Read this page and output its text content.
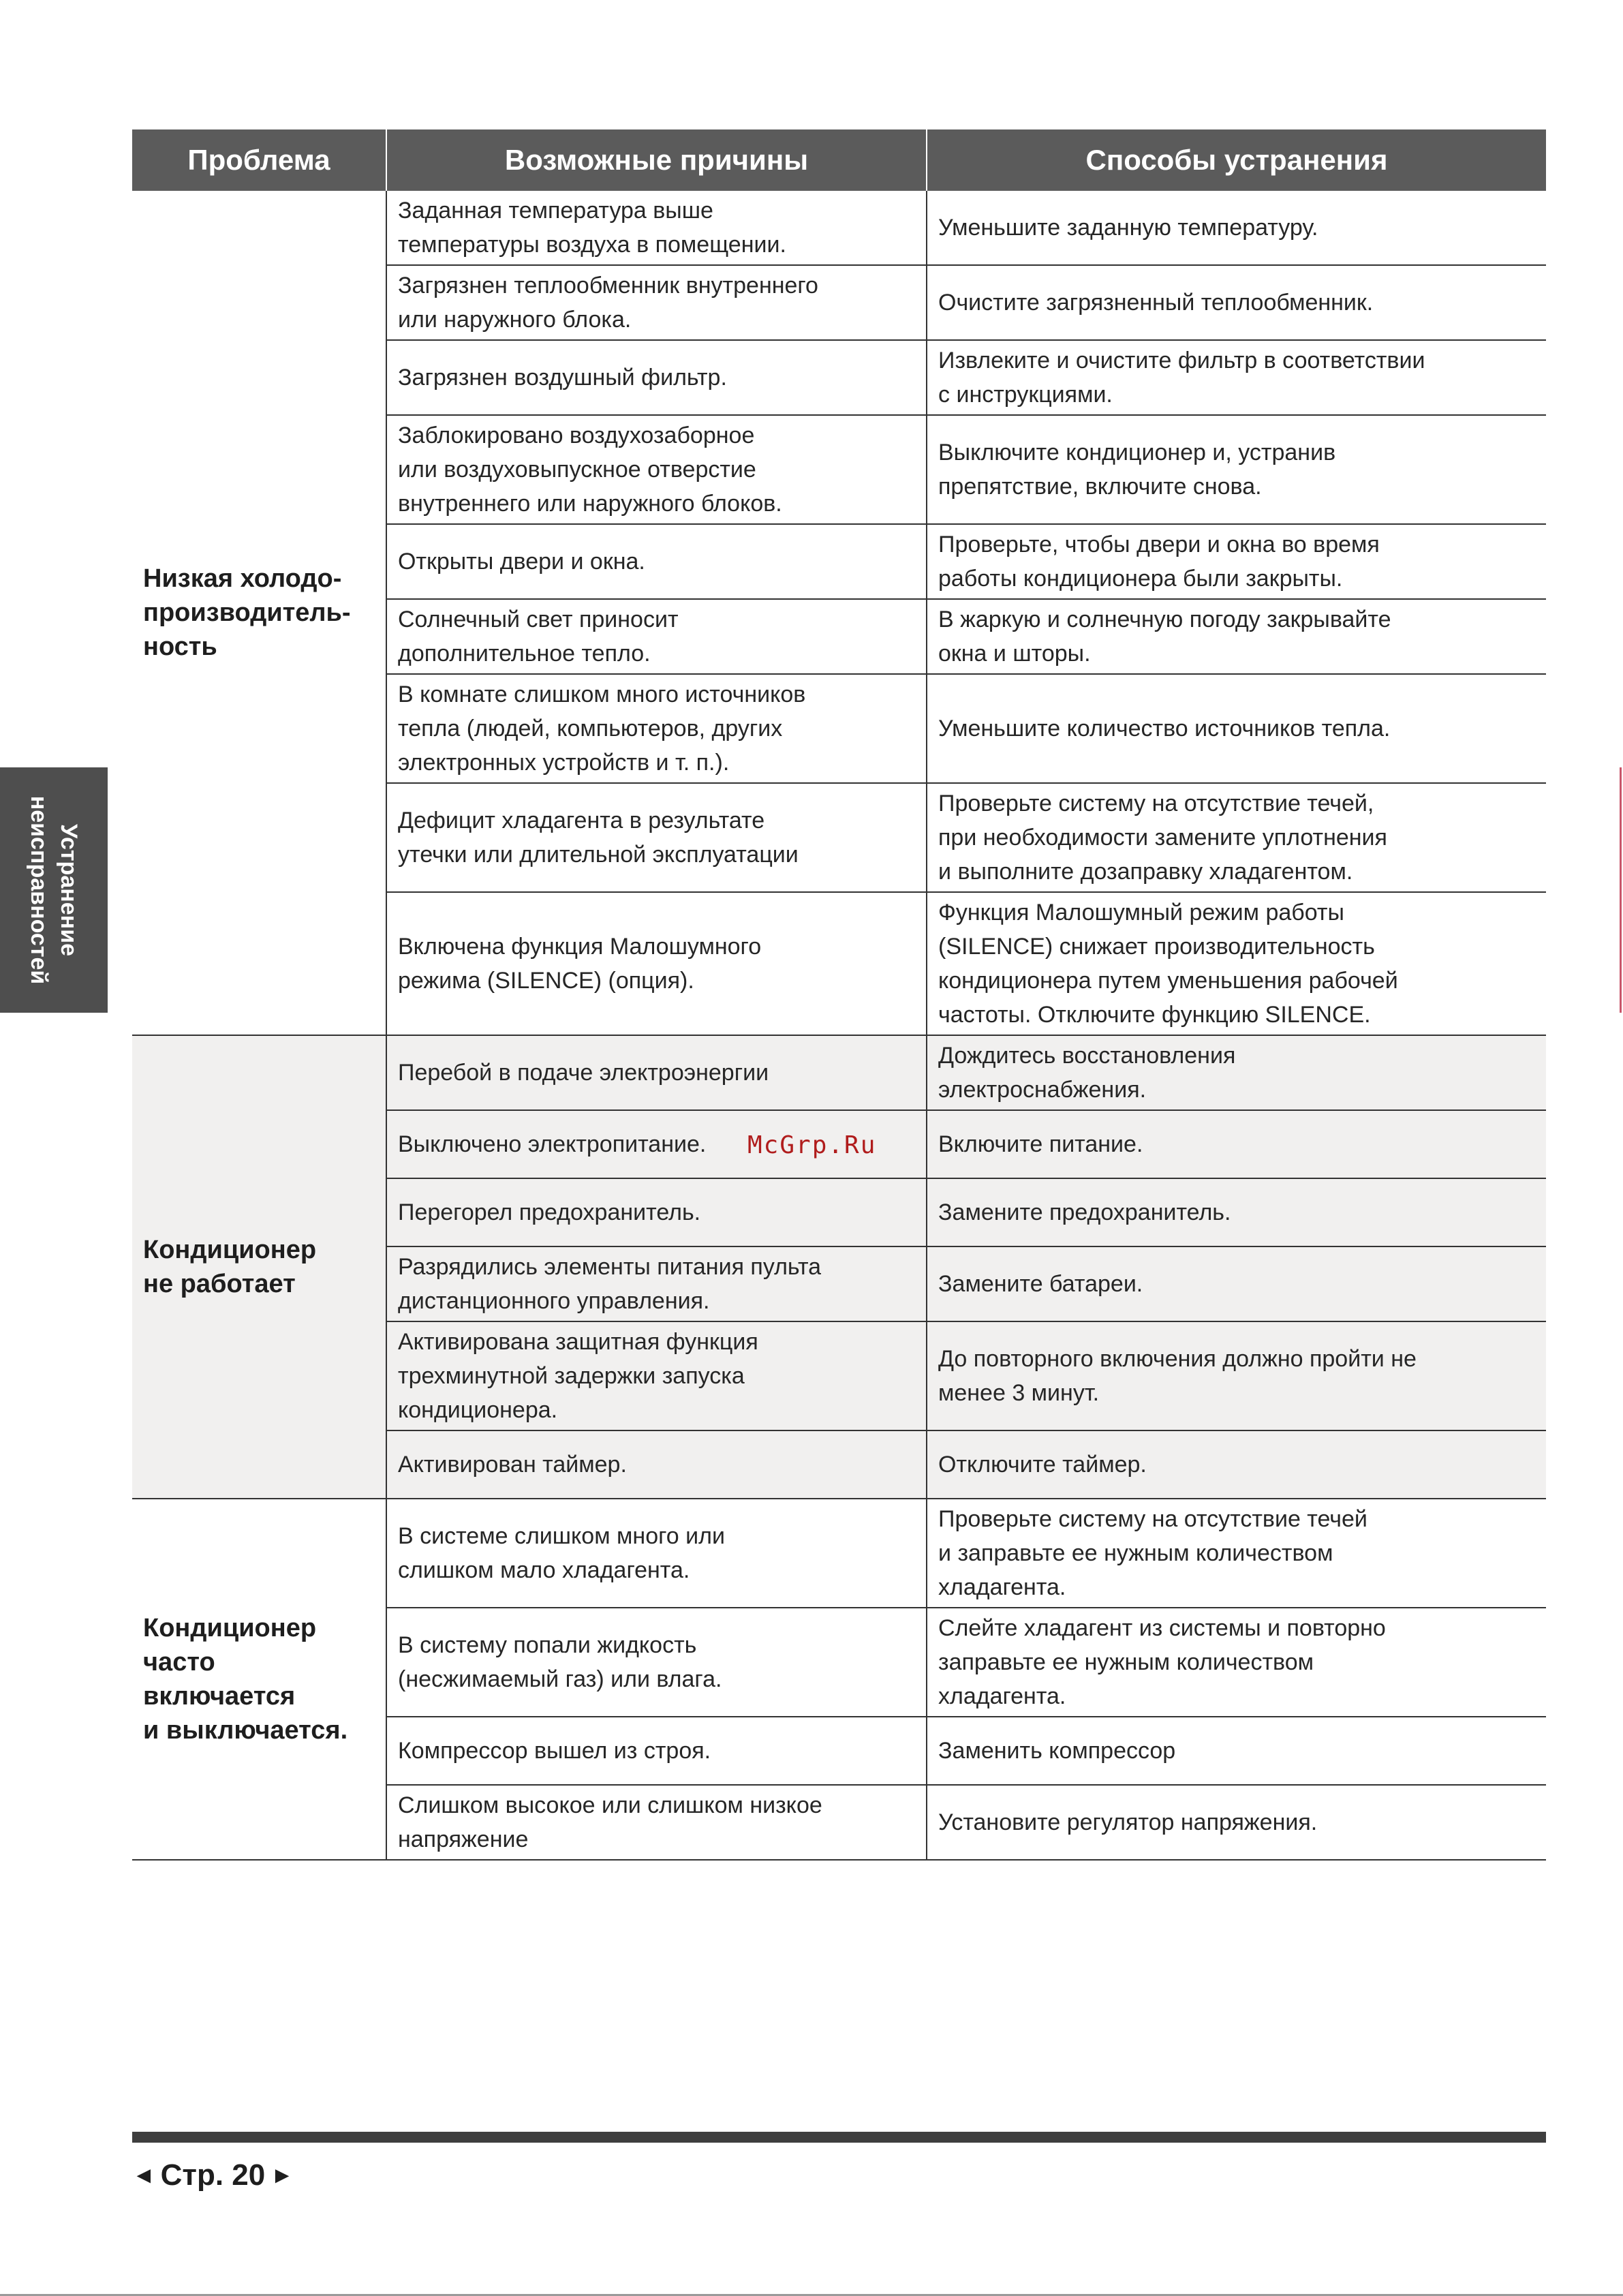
Устранение
неисправностей
Проблема	Возможные причины	Способы устранения

Низкая холодо-
производитель-
ность	Заданная температура выше
температуры воздуха в помещении.	Уменьшите заданную температуру.

	Загрязнен теплообменник внутреннего
или наружного блока.	Очистите загрязненный теплообменник.

	Загрязнен воздушный фильтр.	Извлеките и очистите фильтр в соответствии
с инструкциями.

	Заблокировано воздухозаборное
или воздуховыпускное отверстие
внутреннего или наружного блоков.	Выключите кондиционер и, устранив
препятствие, включите снова.

	Открыты двери и окна.	Проверьте, чтобы двери и окна во время
работы кондиционера были закрыты.

	Солнечный свет приносит
дополнительное тепло.	В жаркую и солнечную погоду закрывайте
окна и шторы.

	В комнате слишком много источников
тепла (людей, компьютеров, других
электронных устройств и т. п.).	Уменьшите количество источников тепла.

	Дефицит хладагента в результате
утечки или длительной эксплуатации	Проверьте систему на отсутствие течей,
при необходимости замените уплотнения
и выполните дозаправку хладагентом.

	Включена функция Малошумного
режима (SILENCE) (опция).	Функция Малошумный режим работы
(SILENCE) снижает производительность
кондиционера путем уменьшения рабочей
частоты. Отключите функцию SILENCE.

Кондиционер
не работает	Перебой в подаче электроэнергии	Дождитесь восстановления
электроснабжения.

	Выключено электропитание.	Включите питание.

	Перегорел предохранитель.	Замените предохранитель.

	Разрядились элементы питания пульта
дистанционного управления.	Замените батареи.

	Активирована защитная функция
трехминутной задержки запуска
кондиционера.	До повторного включения должно пройти не
менее 3 минут.

	Активирован таймер.	Отключите таймер.

Кондиционер
часто
включается
и выключается.	В системе слишком много или
слишком мало хладагента.	Проверьте систему на отсутствие течей
и заправьте ее нужным количеством
хладагента.

	В систему попали жидкость
(несжимаемый газ) или влага.	Слейте хладагент из системы и повторно
заправьте ее нужным количеством
хладагента.

	Компрессор вышел из строя.	Заменить компрессор

	Слишком высокое или слишком низкое
напряжение	Установите регулятор напряжения.
McGrp.Ru
◄ Стр. 20 ►
